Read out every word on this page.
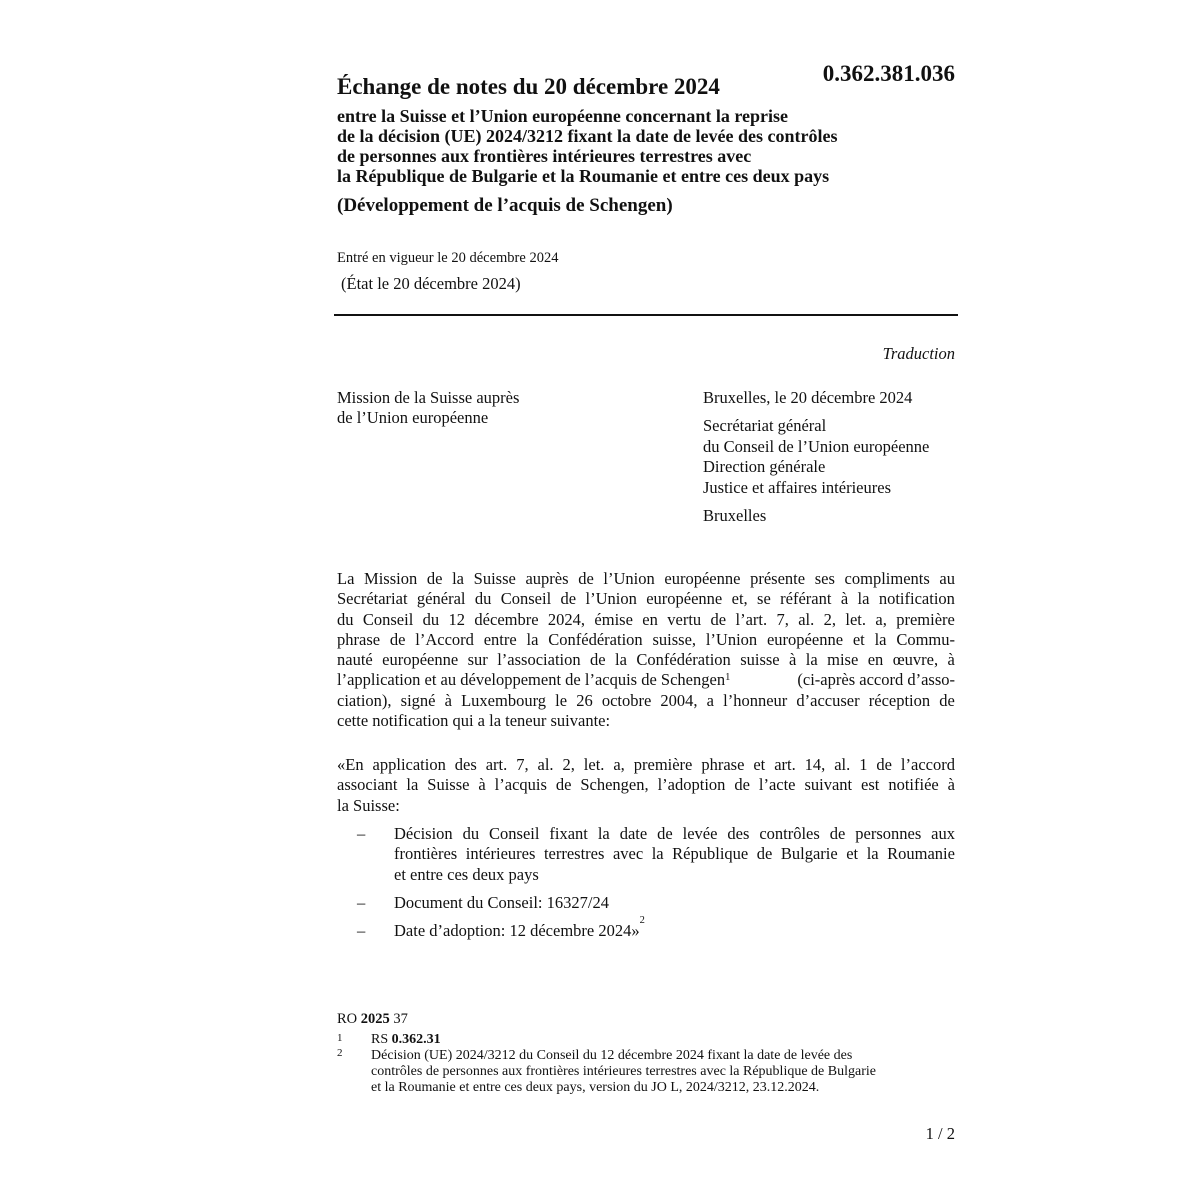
0.362.381.036
Échange de notes du 20 décembre 2024
entre la Suisse et l’Union européenne concernant la reprise
de la décision (UE) 2024/3212 fixant la date de levée des contrôles
de personnes aux frontières intérieures terrestres avec
la République de Bulgarie et la Roumanie et entre ces deux pays
(Développement de l’acquis de Schengen)
Entré en vigueur le 20 décembre 2024
(État le 20 décembre 2024)
Traduction
Mission de la Suisse auprès
de l’Union européenne
Bruxelles, le 20 décembre 2024
Secrétariat général
du Conseil de l’Union européenne
Direction générale
Justice et affaires intérieures
Bruxelles
La Mission de la Suisse auprès de l’Union européenne présente ses compliments au
Secrétariat général du Conseil de l’Union européenne et, se référant à la notification
du Conseil du 12 décembre 2024, émise en vertu de l’art. 7, al. 2, let. a, première
phrase de l’Accord entre la Confédération suisse, l’Union européenne et la Commu-
nauté européenne sur l’association de la Confédération suisse à la mise en œuvre, à
l’application et au développement de l’acquis de Schengen$^1$	(ci-après accord d’asso-
ciation), signé à Luxembourg le 26 octobre 2004, a l’honneur d’accuser réception de
cette notification qui a la teneur suivante:
«En application des art. 7, al. 2, let. a, première phrase et art. 14, al. 1 de l’accord
associant la Suisse à l’acquis de Schengen, l’adoption de l’acte suivant est notifiée à
la Suisse:
– Décision du Conseil fixant la date de levée des contrôles de personnes aux
frontières intérieures terrestres avec la République de Bulgarie et la Roumanie
et entre ces deux pays
– Document du Conseil: 16327/24
– Date d’adoption: 12 décembre 2024»
2
RO 2025 37
1 RS 0.362.31
2 Décision (UE) 2024/3212 du Conseil du 12 décembre 2024 fixant la date de levée des
contrôles de personnes aux frontières intérieures terrestres avec la République de Bulgarie
et la Roumanie et entre ces deux pays, version du JO L, 2024/3212, 23.12.2024.
1 / 2
